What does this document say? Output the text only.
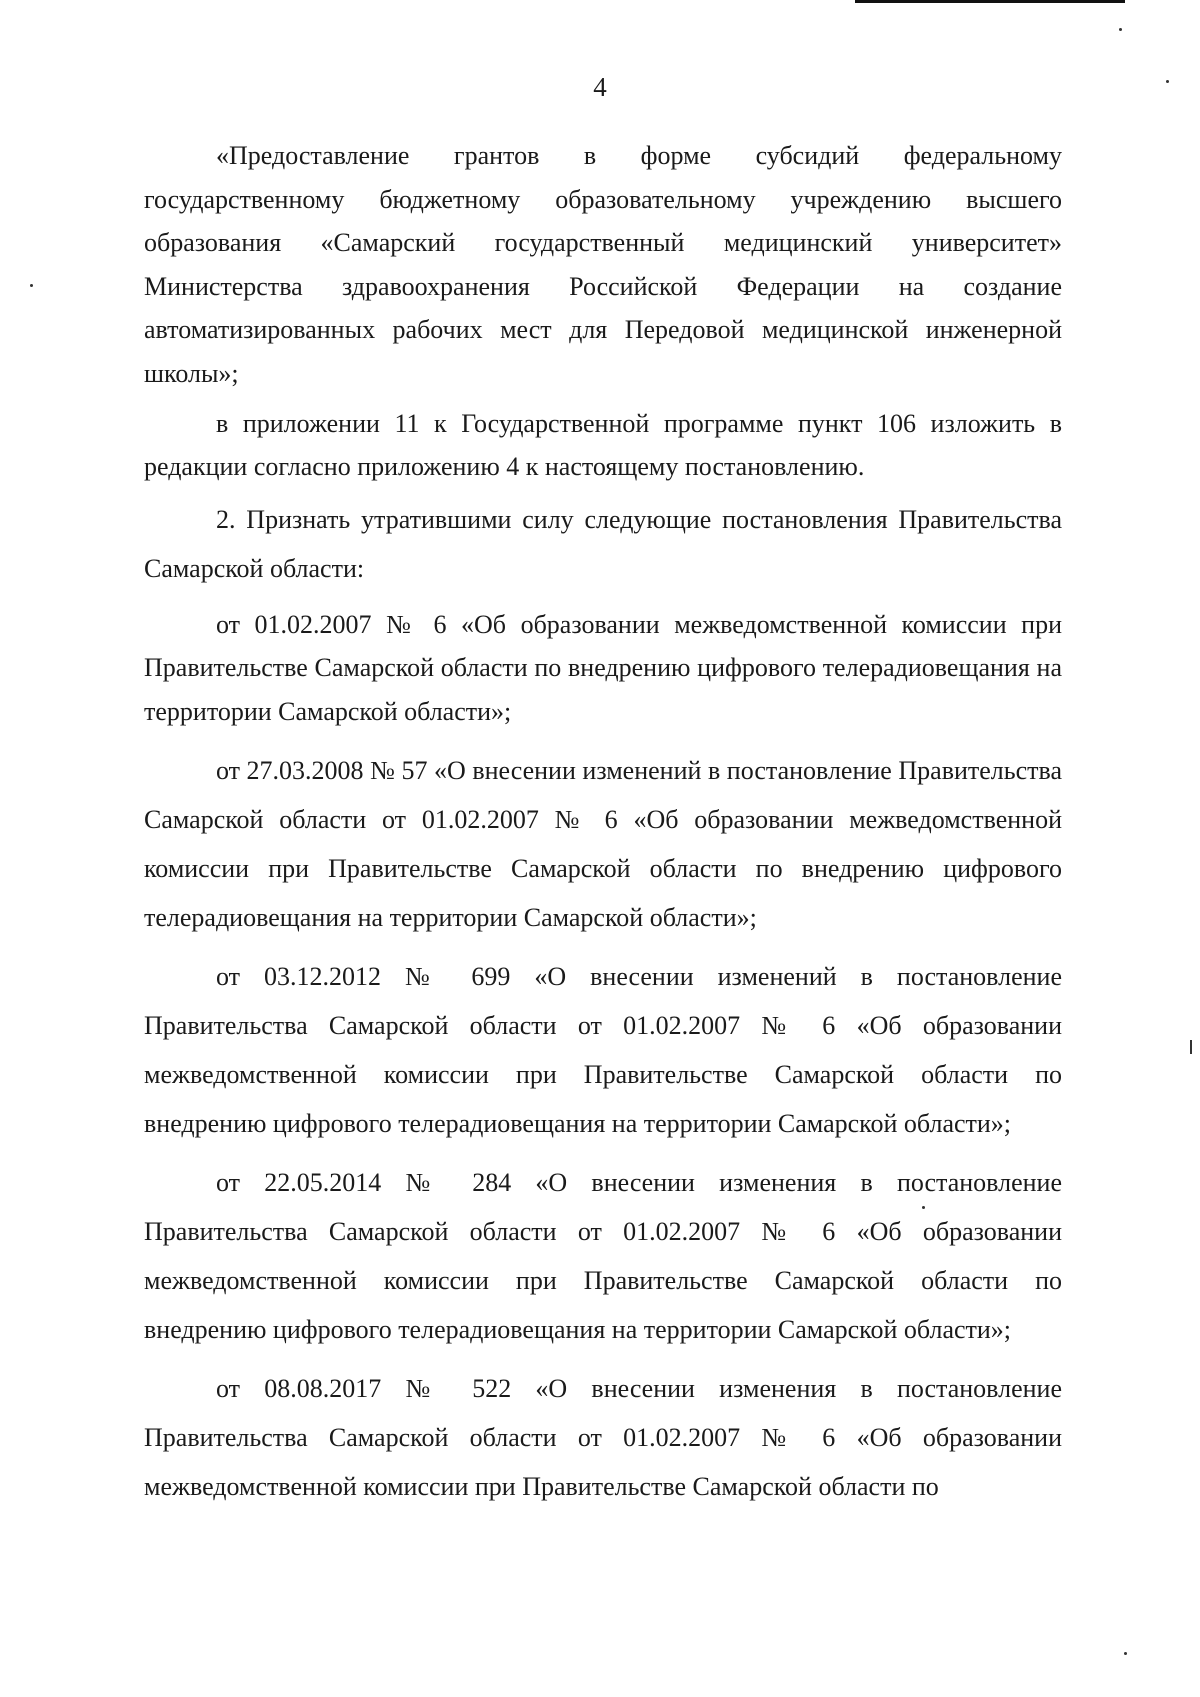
4

«Предоставление грантов в форме субсидий федеральному государственному бюджетному образовательному учреждению высшего образования «Самарский государственный медицинский университет» Министерства здравоохранения Российской Федерации на создание автоматизированных рабочих мест для Передовой медицинской инженерной школы»;

в приложении 11 к Государственной программе пункт 106 изложить в редакции согласно приложению 4 к настоящему постановлению.

2. Признать утратившими силу следующие постановления Правительства Самарской области:

от 01.02.2007 № 6 «Об образовании межведомственной комиссии при Правительстве Самарской области по внедрению цифрового телерадиовещания на территории Самарской области»;

от 27.03.2008 № 57 «О внесении изменений в постановление Правительства Самарской области от 01.02.2007 № 6 «Об образовании межведомственной комиссии при Правительстве Самарской области по внедрению цифрового телерадиовещания на территории Самарской области»;

от 03.12.2012 № 699 «О внесении изменений в постановление Правительства Самарской области от 01.02.2007 № 6 «Об образовании межведомственной комиссии при Правительстве Самарской области по внедрению цифрового телерадиовещания на территории Самарской области»;

от 22.05.2014 № 284 «О внесении изменения в постановление Правительства Самарской области от 01.02.2007 № 6 «Об образовании межведомственной комиссии при Правительстве Самарской области по внедрению цифрового телерадиовещания на территории Самарской области»;

от 08.08.2017 № 522 «О внесении изменения в постановление Правительства Самарской области от 01.02.2007 № 6 «Об образовании межведомственной комиссии при Правительстве Самарской области по
